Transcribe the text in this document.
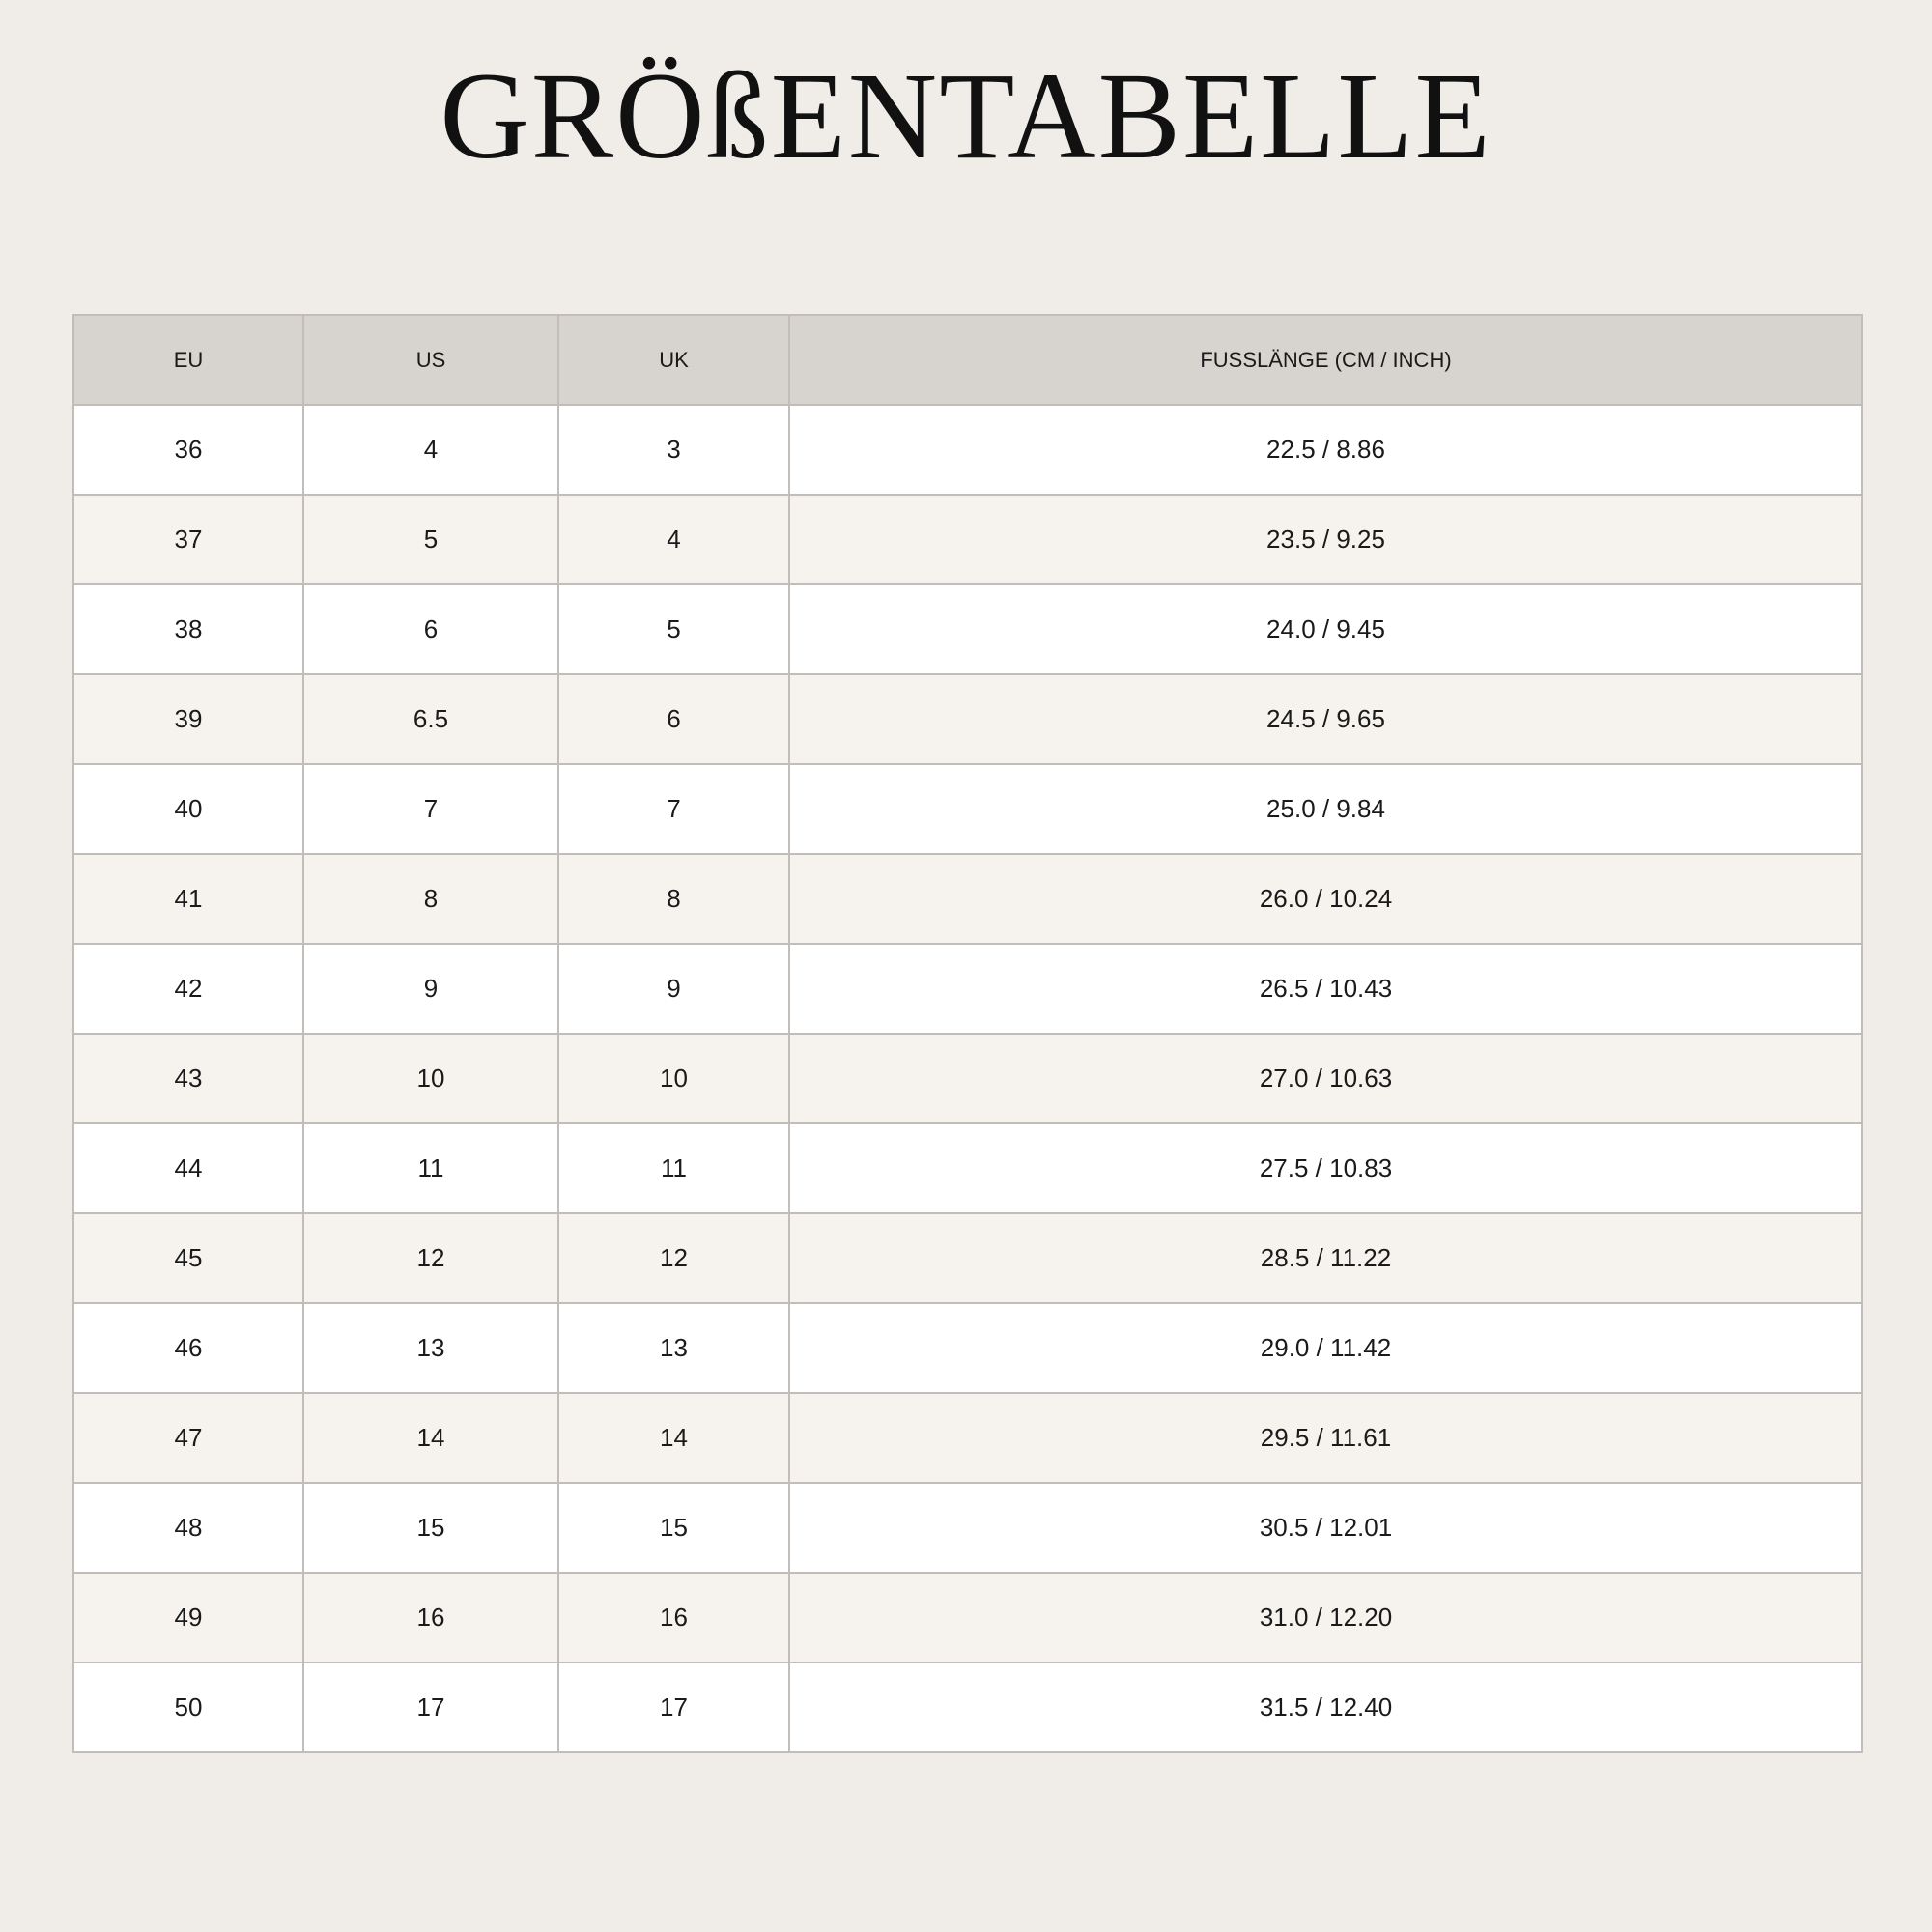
GRÖßENTABELLE
EU	US	UK	FUSSLÄNGE (CM / INCH)
36	4	3	22.5 / 8.86
37	5	4	23.5 / 9.25
38	6	5	24.0 / 9.45
39	6.5	6	24.5 / 9.65
40	7	7	25.0 / 9.84
41	8	8	26.0 / 10.24
42	9	9	26.5 / 10.43
43	10	10	27.0 / 10.63
44	11	11	27.5 / 10.83
45	12	12	28.5 / 11.22
46	13	13	29.0 / 11.42
47	14	14	29.5 / 11.61
48	15	15	30.5 / 12.01
49	16	16	31.0 / 12.20
50	17	17	31.5 / 12.40
